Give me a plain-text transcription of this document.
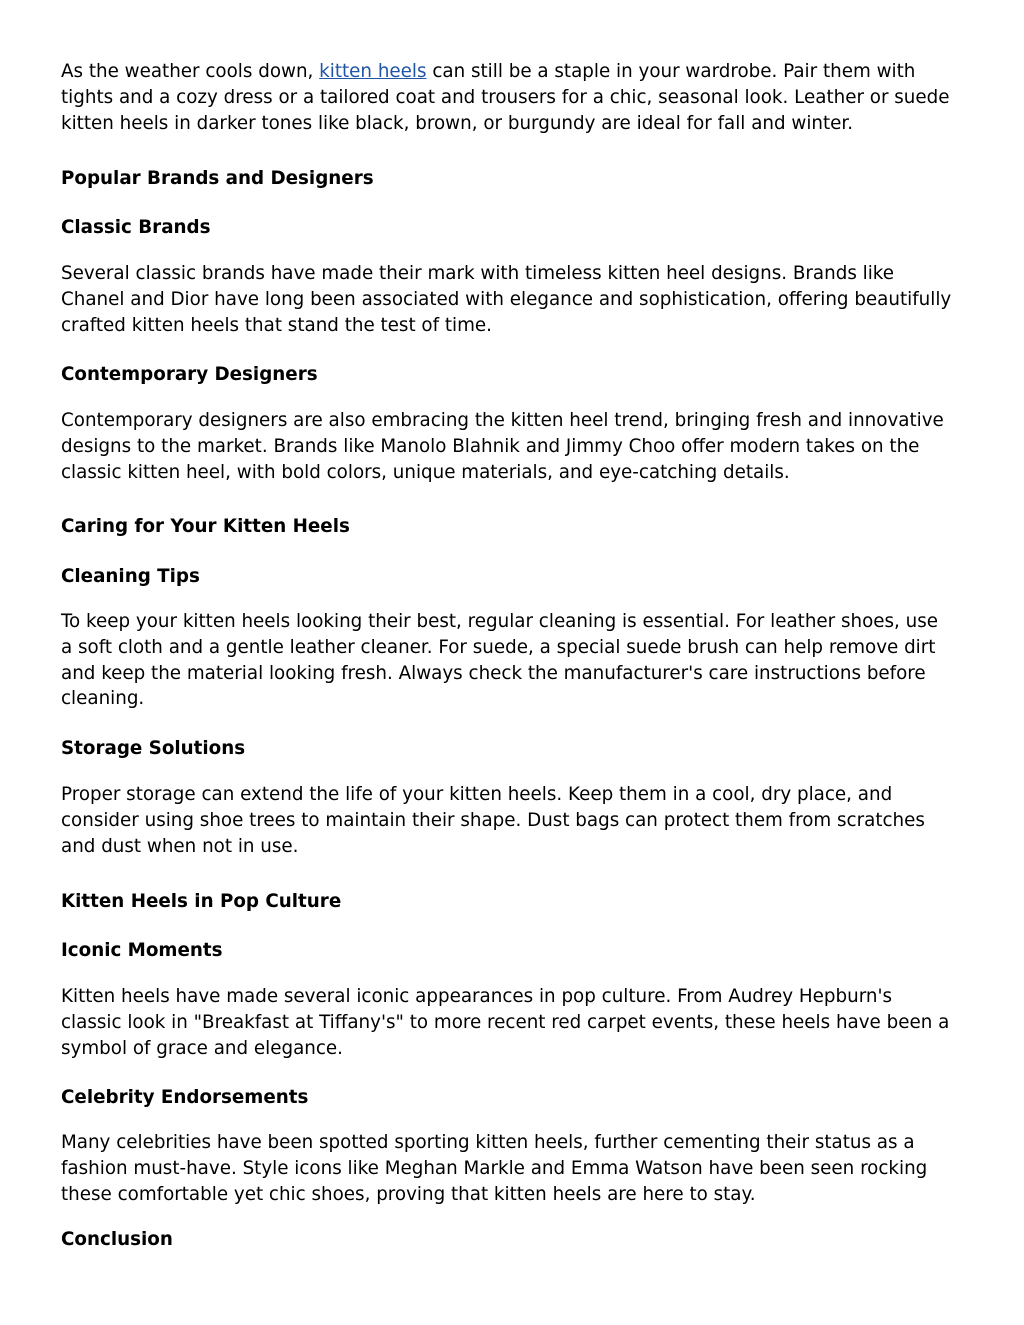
As the weather cools down, kitten heels can still be a staple in your wardrobe. Pair them with
tights and a cozy dress or a tailored coat and trousers for a chic, seasonal look. Leather or suede
kitten heels in darker tones like black, brown, or burgundy are ideal for fall and winter.

Popular Brands and Designers
Classic Brands

Several classic brands have made their mark with timeless kitten heel designs. Brands like
Chanel and Dior have long been associated with elegance and sophistication, offering beautifully
crafted kitten heels that stand the test of time.

Contemporary Designers

Contemporary designers are also embracing the kitten heel trend, bringing fresh and innovative
designs to the market. Brands like Manolo Blahnik and Jimmy Choo offer modern takes on the
classic kitten heel, with bold colors, unique materials, and eye-catching details.

Caring for Your Kitten Heels
Cleaning Tips

To keep your kitten heels looking their best, regular cleaning is essential. For leather shoes, use
a soft cloth and a gentle leather cleaner. For suede, a special suede brush can help remove dirt
and keep the material looking fresh. Always check the manufacturer's care instructions before
cleaning.

Storage Solutions

Proper storage can extend the life of your kitten heels. Keep them in a cool, dry place, and
consider using shoe trees to maintain their shape. Dust bags can protect them from scratches
and dust when not in use.

Kitten Heels in Pop Culture
Iconic Moments

Kitten heels have made several iconic appearances in pop culture. From Audrey Hepburn's
classic look in "Breakfast at Tiffany's" to more recent red carpet events, these heels have been a
symbol of grace and elegance.

Celebrity Endorsements

Many celebrities have been spotted sporting kitten heels, further cementing their status as a
fashion must-have. Style icons like Meghan Markle and Emma Watson have been seen rocking
these comfortable yet chic shoes, proving that kitten heels are here to stay.

Conclusion
